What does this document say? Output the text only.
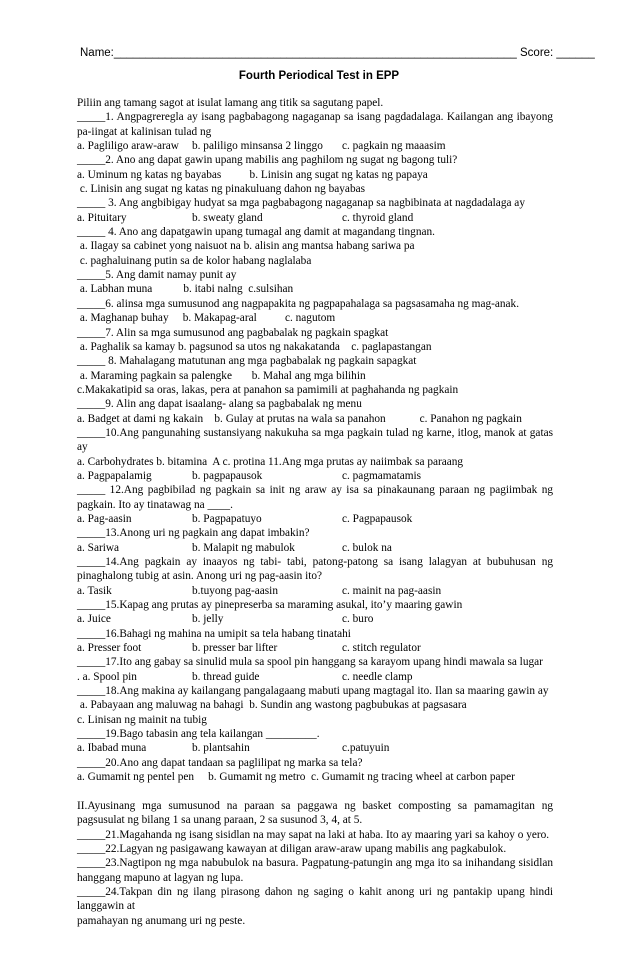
Name:_______________________________________________________________ Score: ______
Fourth Periodical Test in EPP
Piliin ang tamang sagot at isulat lamang ang titik sa sagutang papel.
_____1. Angpagreregla ay isang pagbabagong nagaganap sa isang pagdadalaga. Kailangan ang ibayong pa-iingat at kalinisan tulad ng
a. Pagliligo araw-araw	b. paliligo minsansa 2 linggo	c. pagkain ng maaasim
_____2. Ano ang dapat gawin upang mabilis ang paghilom ng sugat ng bagong tuli?
a. Uminum ng katas ng bayabas          b. Linisin ang sugat ng katas ng papaya
c. Linisin ang sugat ng katas ng pinakuluang dahon ng bayabas
_____ 3. Ang angbibigay hudyat sa mga pagbabagong nagaganap sa nagbibinata at nagdadalaga ay
a. Pituitary	b. sweaty gland	c. thyroid gland
_____ 4. Ano ang dapatgawin upang tumagal ang damit at magandang tingnan.
a. Ilagay sa cabinet yong naisuot na b. alisin ang mantsa habang sariwa pa
c. paghaluinang putin sa de kolor habang naglalaba
_____5. Ang damit namay punit ay
a. Labhan muna           b. itabi nalng  c.sulsihan
_____6. alinsa mga sumusunod ang nagpapakita ng pagpapahalaga sa pagsasamaha ng mag-anak.
a. Maghanap buhay     b. Makapag-aral          c. nagutom
_____7. Alin sa mga sumusunod ang pagbabalak ng pagkain spagkat
a. Paghalik sa kamay b. pagsunod sa utos ng nakakatanda    c. paglapastangan
_____ 8. Mahalagang matutunan ang mga pagbabalak ng pagkain sapagkat
a. Maraming pagkain sa palengke       b. Mahal ang mga bilihin
c.Makakatipid sa oras, lakas, pera at panahon sa pamimili at paghahanda ng pagkain
_____9. Alin ang dapat isaalang- alang sa pagbabalak ng menu
a. Badget at dami ng kakain    b. Gulay at prutas na wala sa panahon            c. Panahon ng pagkain
_____10.Ang pangunahing sustansiyang nakukuha sa mga pagkain tulad ng karne, itlog, manok at gatas ay
a. Carbohydrates b. bitamina  A c. protina 11.Ang mga prutas ay naiimbak sa paraang
a. Pagpapalamig	b. pagpapausok	c. pagmamatamis
_____ 12.Ang pagbibilad ng pagkain sa init ng araw ay isa sa pinakaunang paraan ng pagiimbak ng pagkain. Ito ay tinatawag na ____.
a. Pag-aasin	b. Pagpapatuyo	c. Pagpapausok
_____13.Anong uri ng pagkain ang dapat imbakin?
a. Sariwa	b. Malapit ng mabulok	c. bulok na
_____14.Ang pagkain ay inaayos ng tabi- tabi, patong-patong sa isang lalagyan at bubuhusan ng pinaghalong tubig at asin. Anong uri ng pag-aasin ito?
a. Tasik	b.tuyong pag-aasin	c. mainit na pag-aasin
_____15.Kapag ang prutas ay pinepreserba sa maraming asukal, ito’y maaring gawin
a. Juice	b. jelly	c. buro
_____16.Bahagi ng mahina na umipit sa tela habang tinatahi
a. Presser foot	b. presser bar lifter	c. stitch regulator
_____17.Ito ang gabay sa sinulid mula sa spool pin hanggang sa karayom upang hindi mawala sa lugar
. a. Spool pin	b. thread guide	c. needle clamp
_____18.Ang makina ay kailangang pangalagaang mabuti upang magtagal ito. Ilan sa maaring gawin ay
a. Pabayaan ang maluwag na bahagi  b. Sundin ang wastong pagbubukas at pagsasara
c. Linisan ng mainit na tubig
_____19.Bago tabasin ang tela kailangan _________.
a. Ibabad muna	b. plantsahin	c.patuyuin
_____20.Ano ang dapat tandaan sa paglilipat ng marka sa tela?
a. Gumamit ng pentel pen     b. Gumamit ng metro  c. Gumamit ng tracing wheel at carbon paper
II.Ayusinang mga sumusunod na paraan sa paggawa ng basket composting sa pamamagitan ng pagsusulat ng bilang 1 sa unang paraan, 2 sa susunod 3, 4, at 5.
_____21.Magahanda ng isang sisidlan na may sapat na laki at haba. Ito ay maaring yari sa kahoy o yero.
_____22.Lagyan ng pasigawang kawayan at diligan araw-araw upang mabilis ang pagkabulok.
_____23.Nagtipon ng mga nabubulok na basura. Pagpatung-patungin ang mga ito sa inihandang sisidlan hanggang mapuno at lagyan ng lupa.
_____24.Takpan din ng ilang pirasong dahon ng saging o kahit anong uri ng pantakip upang hindi langgawin at
pamahayan ng anumang uri ng peste.
